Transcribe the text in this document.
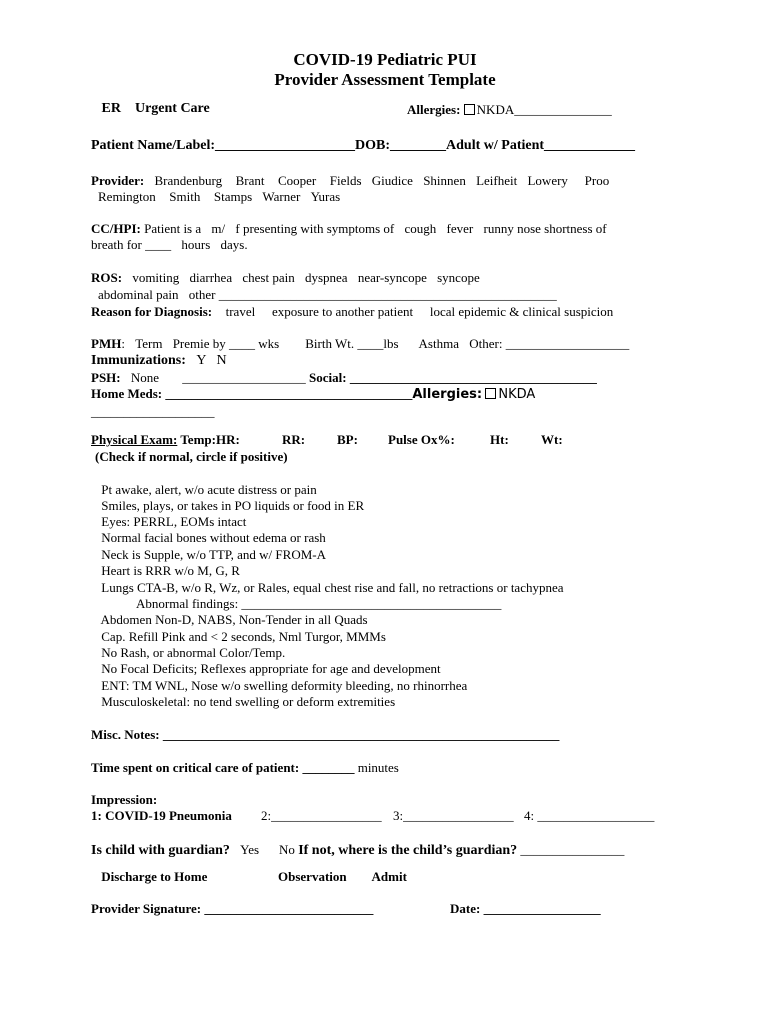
COVID-19 Pediatric PUI
Provider Assessment Template
ER Urgent Care	Allergies: NKDA_______________
Patient Name/Label:____________________DOB:________Adult w/ Patient_____________
Provider: Brandenburg Brant Cooper Fields Giudice Shinnen Leifheit Lowery Proo
Remington Smith Stamps Warner Yuras
CC/HPI: Patient is a m/ f presenting with symptoms of cough fever runny nose shortness of
breath for ____ hours days.
ROS: vomiting diarrhea chest pain dyspnea near-syncope syncope
abdominal pain other ____________________________________________________
Reason for Diagnosis: travel exposure to another patient local epidemic & clinical suspicion
PMH: Term Premie by ____ wks Birth Wt. ____lbs Asthma Other: ___________________
Immunizations: Y N
PSH: None ___________________ Social: ______________________________________
Home Meds: ______________________________________Allergies: NKDA
___________________
Physical Exam: Temp:HR:	RR: BP: Pulse Ox%:	Ht: Wt:
(Check if normal, circle if positive)
Pt awake, alert, w/o acute distress or pain
Smiles, plays, or takes in PO liquids or food in ER
Eyes: PERRL, EOMs intact
Normal facial bones without edema or rash
Neck is Supple, w/o TTP, and w/ FROM-A
Heart is RRR w/o M, G, R
Lungs CTA-B, w/o R, Wz, or Rales, equal chest rise and fall, no retractions or tachypnea
Abnormal findings: ________________________________________
Abdomen Non-D, NABS, Non-Tender in all Quads
Cap. Refill Pink and < 2 seconds, Nml Turgor, MMMs
No Rash, or abnormal Color/Temp.
No Focal Deficits; Reflexes appropriate for age and development
ENT: TM WNL, Nose w/o swelling deformity bleeding, no rhinorrhea
Musculoskeletal: no tend swelling or deform extremities
Misc. Notes: _____________________________________________________________
Time spent on critical care of patient: ________ minutes
Impression:
1: COVID-19 Pneumonia 2:_________________ 3:_________________ 4: __________________
Is child with guardian? Yes No If not, where is the child’s guardian? ________________
Discharge to Home	Observation	Admit
Provider Signature: __________________________	Date: __________________
